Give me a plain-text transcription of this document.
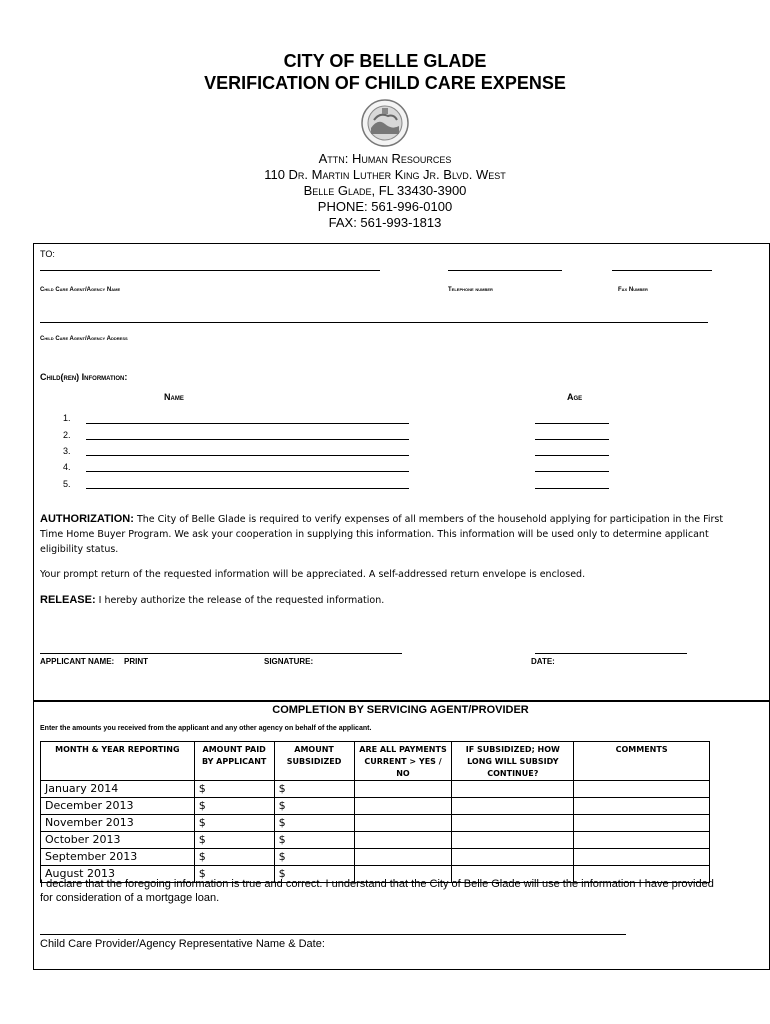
CITY OF BELLE GLADE
VERIFICATION OF CHILD CARE EXPENSE
Attn: Human Resources
110 Dr. Martin Luther King Jr. Blvd. West
Belle Glade, FL 33430-3900
PHONE: 561-996-0100
FAX: 561-993-1813
TO:
Child Care Agent/Agency Name	Telephone number	Fax Number
Child Care Agent/Agency Address
Child(ren) Information:
Name	Age
1.
2.
3.
4.
5.
AUTHORIZATION: The City of Belle Glade is required to verify expenses of all members of the household applying for participation in the First Time Home Buyer Program. We ask your cooperation in supplying this information. This information will be used only to determine applicant eligibility status.
Your prompt return of the requested information will be appreciated. A self-addressed return envelope is enclosed.
RELEASE: I hereby authorize the release of the requested information.
APPLICANT NAME: PRINT	SIGNATURE:	DATE:
COMPLETION BY SERVICING AGENT/PROVIDER
Enter the amounts you received from the applicant and any other agency on behalf of the applicant.
MONTH & YEAR REPORTING	AMOUNT PAID BY APPLICANT	AMOUNT SUBSIDIZED	ARE ALL PAYMENTS CURRENT > YES / NO	IF SUBSIDIZED; HOW LONG WILL SUBSIDY CONTINUE?	COMMENTS
January 2014	$	$			
December 2013	$	$			
November 2013	$	$			
October 2013	$	$			
September 2013	$	$			
August 2013	$	$			
I declare that the foregoing information is true and correct. I understand that the City of Belle Glade will use the information I have provided for consideration of a mortgage loan.
Child Care Provider/Agency Representative Name & Date:
